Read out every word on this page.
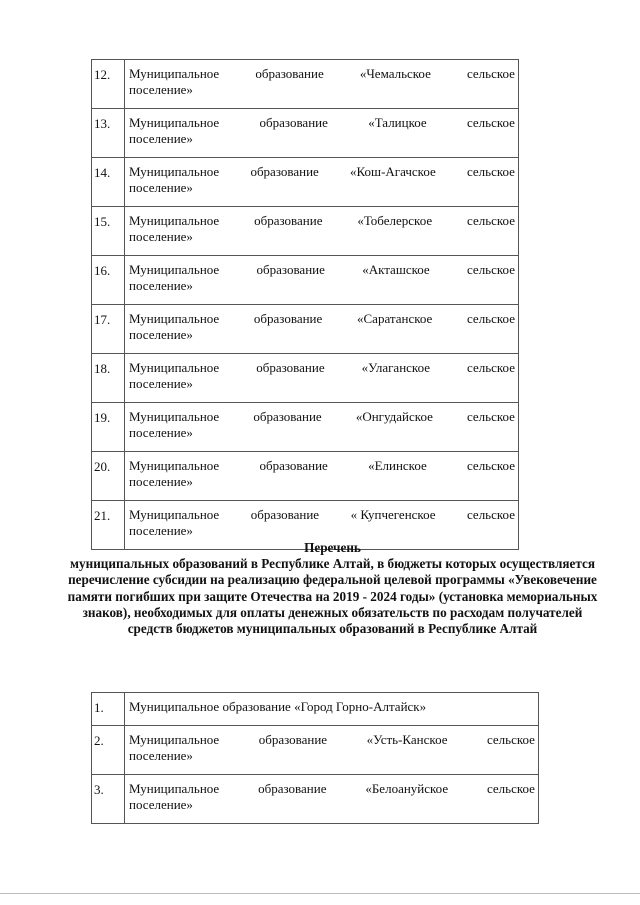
12.	Муниципальное образование «Чемальское сельское
поселение»

13.	Муниципальное образование «Талицкое сельское
поселение»

14.	Муниципальное образование «Кош-Агачское сельское
поселение»

15.	Муниципальное образование «Тобелерское сельское
поселение»

16.	Муниципальное образование «Акташское сельское
поселение»

17.	Муниципальное образование «Саратанское сельское
поселение»

18.	Муниципальное образование «Улаганское сельское
поселение»

19.	Муниципальное образование «Онгудайское сельское
поселение»

20.	Муниципальное образование «Елинское сельское
поселение»

21.	Муниципальное образование « Купчегенское сельское
поселение»
Перечень
муниципальных образований в Республике Алтай, в бюджеты которых осуществляется перечисление субсидии на реализацию федеральной целевой программы «Увековечение памяти погибших при защите Отечества на 2019 - 2024 годы» (установка мемориальных знаков), необходимых для оплаты денежных обязательств по расходам получателей средств бюджетов муниципальных образований в Республике Алтай
1.	Муниципальное образование «Город Горно-Алтайск»
2.	Муниципальное образование «Усть-Канское сельское
поселение»

3.	Муниципальное образование «Белоануйское сельское
поселение»
